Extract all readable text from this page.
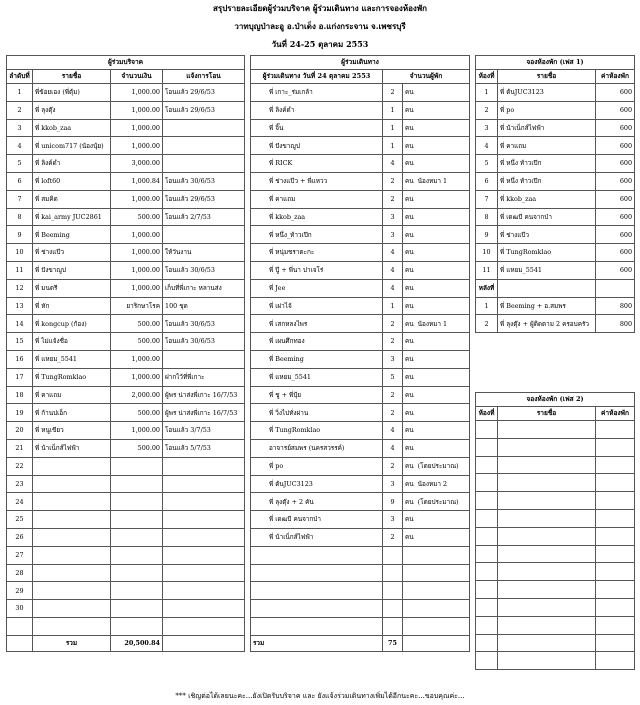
สรุปรายละเอียดผู้ร่วมบริจาค ผู้ร่วมเดินทาง และการจองห้องพัก
วาทบุญป่าละอู อ.ป่าเด็ง อ.แก่งกระจาน จ.เพชรบุรี
วันที่ 24-25 ตุลาคม 2553
ผู้ร่วมบริจาค			
ลำดับที่	รายชื่อ	จำนวนเงิน	แจ้งการโอน
1	พี่ข้อยเอง (พี่ตุ้ม)	1,000.00	โอนแล้ว 29/6/53
2	พี่ ลุงตุ๊ง	1,000.00	โอนแล้ว 29/6/53
3	พี่ kkob_zaa	1,000.00	
4	พี่ unicom717 (น้องนุ้ย)	1,000.00	
5	พี่ ลิงค์ดำ	3,000.00	
6	พี่ loft60	1,000.84	โอนแล้ว 30/6/53
7	พี่ สมคิด	1,000.00	โอนแล้ว 29/6/53
8	พี่ kai_army JUC2861	500.00	โอนแล้ว 2/7/53
9	พี่ Beeming	1,000.00	
10	พี่ ช่างแป๊ว	1,000.00	ให้วันงาน
11	พี่ ปังขาญูป	1,000.00	โอนแล้ว 30/6/53
12	พี่ มนตรี	1,000.00	เก็บที่พี่เกาะ หลานส่ง
13	พี่ หัก	ยาริกษาโรค	100 ชุด
14	พี่ kongcup (ก้อง)	500.00	โอนแล้ว 30/6/53
15	พี่ ไม่แจ้งชื่อ	500.00	โอนแล้ว 30/6/53
16	พี่ แหยม_5541	1,000.00	
17	พี่ TungRomklao	1,000.00	ฝากไว้ที่พี่เกาะ
18	พี่ คาแถม	2,000.00	ผู้พร น่าส่งพี่เกาะ 16/7/53
19	พี่ ก้านปเอ็ก	500.00	ผู้พร น่าส่งพี่เกาะ 16/7/53
20	พี่ หนูเขียว	1,000.00	โอนแล้ว 3/7/53
21	พี่ น้าเน็กส์ไฟฟ้า	500.00	โอนแล้ว 5/7/53
22			
23			
24			
25			
26			
27			
28			
29			
30			

	รวม	20,500.84	
ผู้ร่วมเดินทาง		
ผู้ร่วมเดินทาง วันที่ 24 ตุลาคม 2553	จำนวนผู้พัก	
พี่ เกาะ_ร่มเกล้า	2	คน
พี่ ลิงค์ดำ	1	คน
พี่ จิ๊น	1	คน
พี่ ปังขาญูป	1	คน
พี่ RICK	4	คน
พี่ ช่างแป๊ว + พี่แหวว	2	คน น้องหมา 1
พี่ คาแถม	2	คน
พี่ kkob_zaa	3	คน
พี่ หนึ่ง_ท้าวเปีก	3	คน
พี่ หนุ่มชราตะกะ	4	คน
พี่ ปู๊ + พี่นา ปาเจโร่	4	คน
พี่ Jee	4	คน
พี่ เผ่าไจ้	1	คน
พี่ เสกหลงไพร	2	คน น้องหมา 1
พี่ เผนศึกทอง	2	คน
พี่ Beeming	3	คน
พี่ แหยม_5541	5	คน
พี่ ชู + พี่ปุ้ย	2	คน
พี่ วิ่งไปทั่งผ่าน	2	คน
พี่ TungRomklao	4	คน
อาจารย์สมพร (นครสวรรค์)	4	คน
พี่ po	2	คน (โดยประมาณ)
พี่ ต้นJUC3123	3	คน น้องหมา 2
พี่ ลุงตุ๊ง + 2 คัน	9	คน (โดยประมาณ)
พี่ เดฒบี คนจากป่า	3	คน
พี่ น้าเน็กส์ไฟฟ้า	2	คน

รวม	75	
จองห้องพัก (เฟส 1)		
ห้องที่	รายชื่อ	ค่าห้องพัก
1	พี่ ต้นJUC3123	600
2	พี่ po	600
3	พี่ น้าเน็กส์ไฟฟ้า	600
4	พี่ คาแถม	600
5	พี่ หนึ่ง ท้าวเปีก	600
6	พี่ หนึ่ง ท้าวเปีก	600
7	พี่ kkob_zaa	600
8	พี่ เดฒบี คนจากป่า	600
9	พี่ ช่างแป๊ว	600
10	พี่ TungRomklao	600
11	พี่ แหยม_5541	600
หลังที่		
1	พี่ Beeming + อ.สมพร	800
2	พี่ ลุงตุ๊ง + ผู้ติดตาม 2 ครอบครัว	800
จองห้องพัก (เฟส 2)		
ห้องที่	รายชื่อ	ค่าห้องพัก

*** เชิญต่อได้เลยนะคะ...ยังเปิดรับบริจาค และ ยังแจ้งร่วมเดินทางเพิ่มได้อีกนะคะ...ขอบคุณค่ะ...
